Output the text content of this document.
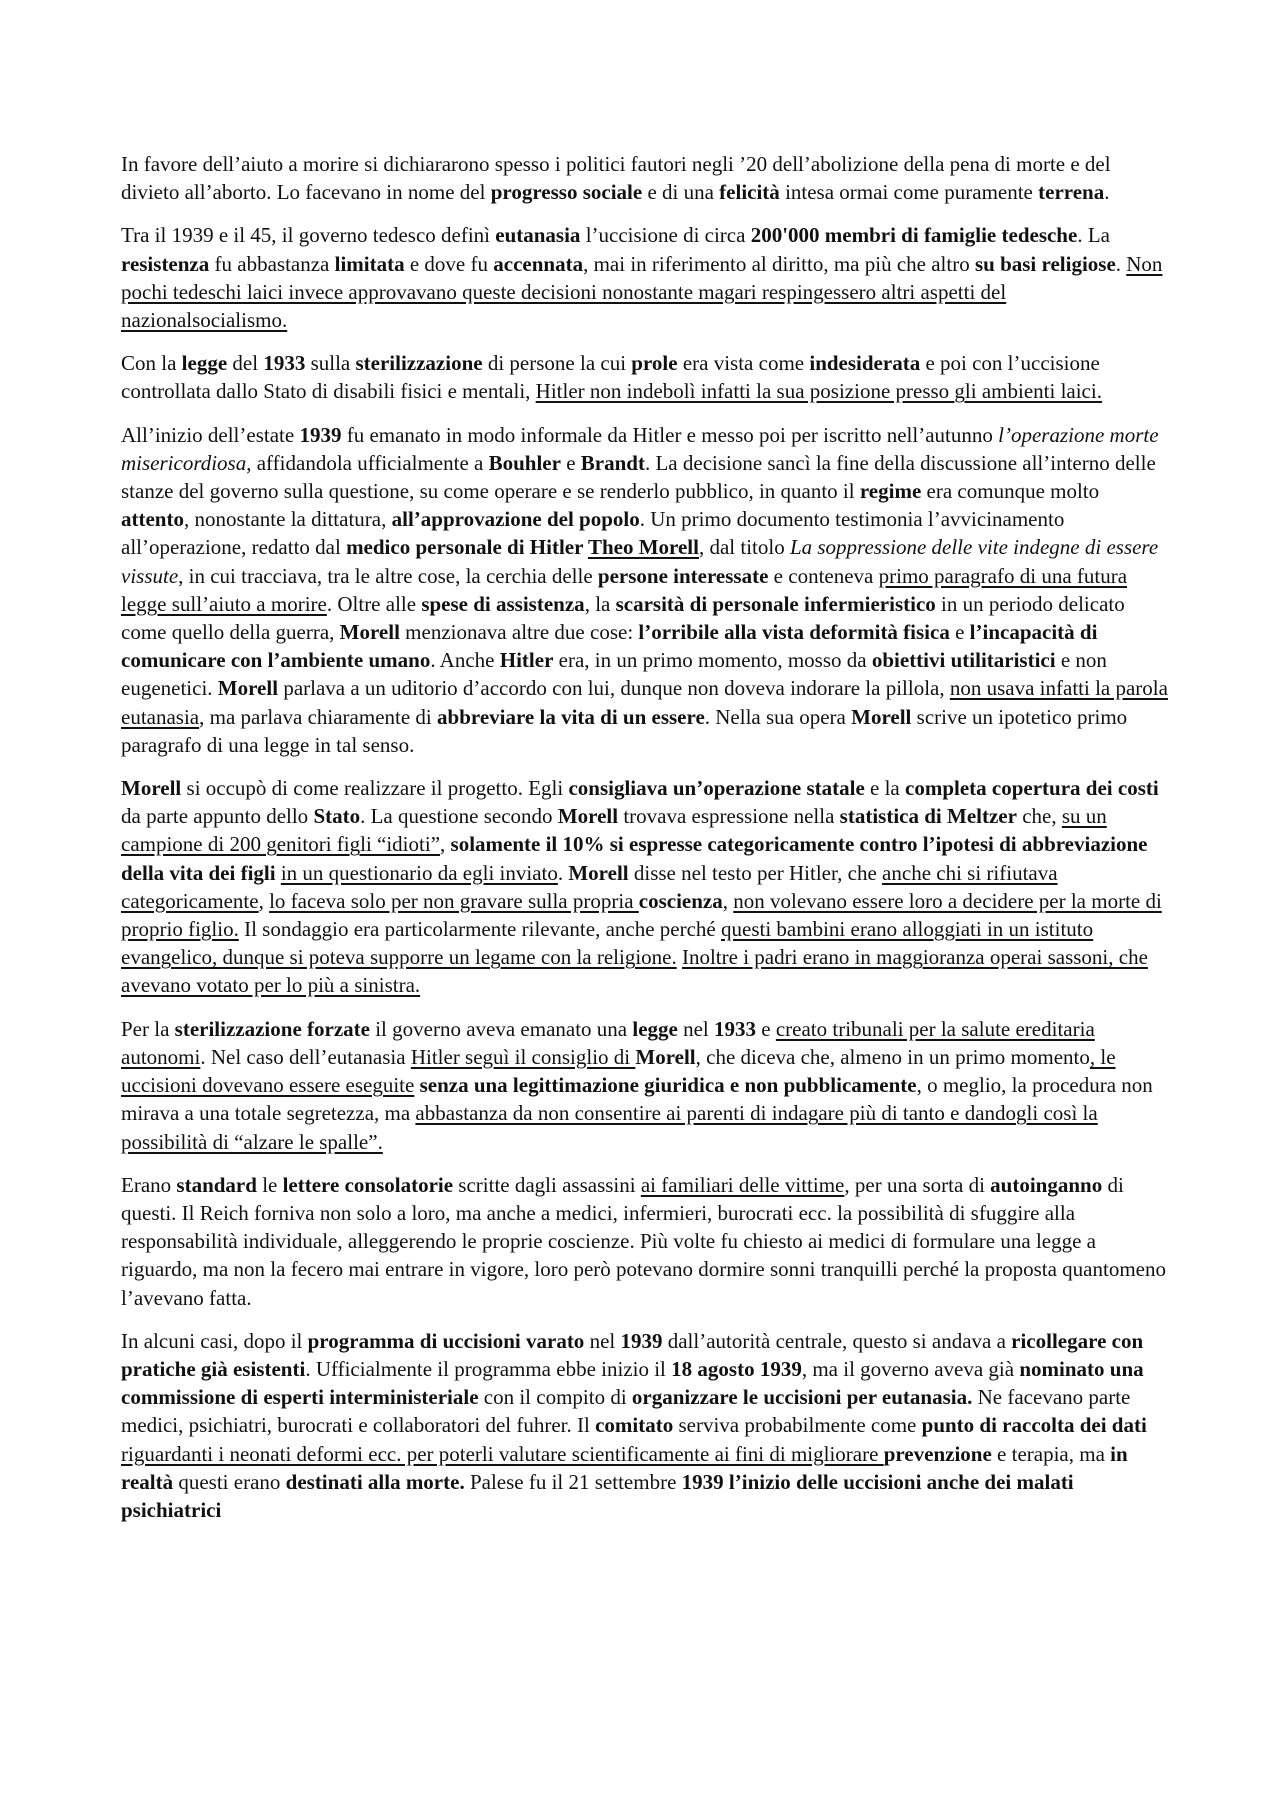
In favore dell’aiuto a morire si dichiararono spesso i politici fautori negli ’20 dell’abolizione della pena di morte e del divieto all’aborto. Lo facevano in nome del progresso sociale e di una felicità intesa ormai come puramente terrena.

Tra il 1939 e il 45, il governo tedesco definì eutanasia l’uccisione di circa 200'000 membri di famiglie tedesche. La resistenza fu abbastanza limitata e dove fu accennata, mai in riferimento al diritto, ma più che altro su basi religiose. Non pochi tedeschi laici invece approvavano queste decisioni nonostante magari respingessero altri aspetti del nazionalsocialismo.

Con la legge del 1933 sulla sterilizzazione di persone la cui prole era vista come indesiderata e poi con l’uccisione controllata dallo Stato di disabili fisici e mentali, Hitler non indebolì infatti la sua posizione presso gli ambienti laici.

All’inizio dell’estate 1939 fu emanato in modo informale da Hitler e messo poi per iscritto nell’autunno l’operazione morte misericordiosa, affidandola ufficialmente a Bouhler e Brandt. La decisione sancì la fine della discussione all’interno delle stanze del governo sulla questione, su come operare e se renderlo pubblico, in quanto il regime era comunque molto attento, nonostante la dittatura, all’approvazione del popolo. Un primo documento testimonia l’avvicinamento all’operazione, redatto dal medico personale di Hitler Theo Morell, dal titolo La soppressione delle vite indegne di essere vissute, in cui tracciava, tra le altre cose, la cerchia delle persone interessate e conteneva primo paragrafo di una futura legge sull’aiuto a morire. Oltre alle spese di assistenza, la scarsità di personale infermieristico in un periodo delicato come quello della guerra, Morell menzionava altre due cose: l’orribile alla vista deformità fisica e l’incapacità di comunicare con l’ambiente umano. Anche Hitler era, in un primo momento, mosso da obiettivi utilitaristici e non eugenetici. Morell parlava a un uditorio d’accordo con lui, dunque non doveva indorare la pillola, non usava infatti la parola eutanasia, ma parlava chiaramente di abbreviare la vita di un essere. Nella sua opera Morell scrive un ipotetico primo paragrafo di una legge in tal senso.

Morell si occupò di come realizzare il progetto. Egli consigliava un’operazione statale e la completa copertura dei costi da parte appunto dello Stato. La questione secondo Morell trovava espressione nella statistica di Meltzer che, su un campione di 200 genitori figli “idioti”, solamente il 10% si espresse categoricamente contro l’ipotesi di abbreviazione della vita dei figli in un questionario da egli inviato. Morell disse nel testo per Hitler, che anche chi si rifiutava categoricamente, lo faceva solo per non gravare sulla propria coscienza, non volevano essere loro a decidere per la morte di proprio figlio. Il sondaggio era particolarmente rilevante, anche perché questi bambini erano alloggiati in un istituto evangelico, dunque si poteva supporre un legame con la religione. Inoltre i padri erano in maggioranza operai sassoni, che avevano votato per lo più a sinistra.

Per la sterilizzazione forzate il governo aveva emanato una legge nel 1933 e creato tribunali per la salute ereditaria autonomi. Nel caso dell’eutanasia Hitler seguì il consiglio di Morell, che diceva che, almeno in un primo momento, le uccisioni dovevano essere eseguite senza una legittimazione giuridica e non pubblicamente, o meglio, la procedura non mirava a una totale segretezza, ma abbastanza da non consentire ai parenti di indagare più di tanto e dandogli così la possibilità di “alzare le spalle”.

Erano standard le lettere consolatorie scritte dagli assassini ai familiari delle vittime, per una sorta di autoinganno di questi. Il Reich forniva non solo a loro, ma anche a medici, infermieri, burocrati ecc. la possibilità di sfuggire alla responsabilità individuale, alleggerendo le proprie coscienze. Più volte fu chiesto ai medici di formulare una legge a riguardo, ma non la fecero mai entrare in vigore, loro però potevano dormire sonni tranquilli perché la proposta quantomeno l’avevano fatta.

In alcuni casi, dopo il programma di uccisioni varato nel 1939 dall’autorità centrale, questo si andava a ricollegare con pratiche già esistenti. Ufficialmente il programma ebbe inizio il 18 agosto 1939, ma il governo aveva già nominato una commissione di esperti interministeriale con il compito di organizzare le uccisioni per eutanasia. Ne facevano parte medici, psichiatri, burocrati e collaboratori del fuhrer. Il comitato serviva probabilmente come punto di raccolta dei dati riguardanti i neonati deformi ecc. per poterli valutare scientificamente ai fini di migliorare prevenzione e terapia, ma in realtà questi erano destinati alla morte. Palese fu il 21 settembre 1939 l’inizio delle uccisioni anche dei malati psichiatrici
